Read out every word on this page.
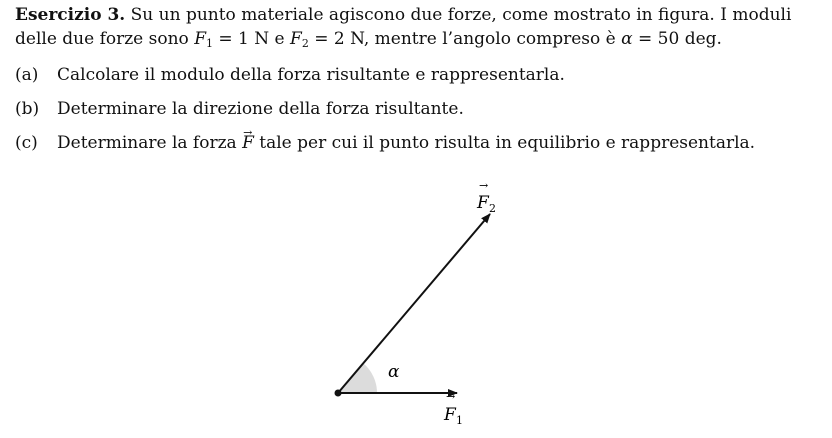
Esercizio 3. Su un punto materiale agiscono due forze, come mostrato in figura. I moduli delle due forze sono $F_1 = 1$ N e $F_2 = 2$ N, mentre l’angolo compreso è α = 50 deg.
(a) Calcolare il modulo della forza risultante e rappresentarla.
(b) Determinare la direzione della forza risultante.
(c) Determinare la forza → F tale per cui il punto risulta in equilibrio e rappresentarla.
α
→
F 1
→
F 2
